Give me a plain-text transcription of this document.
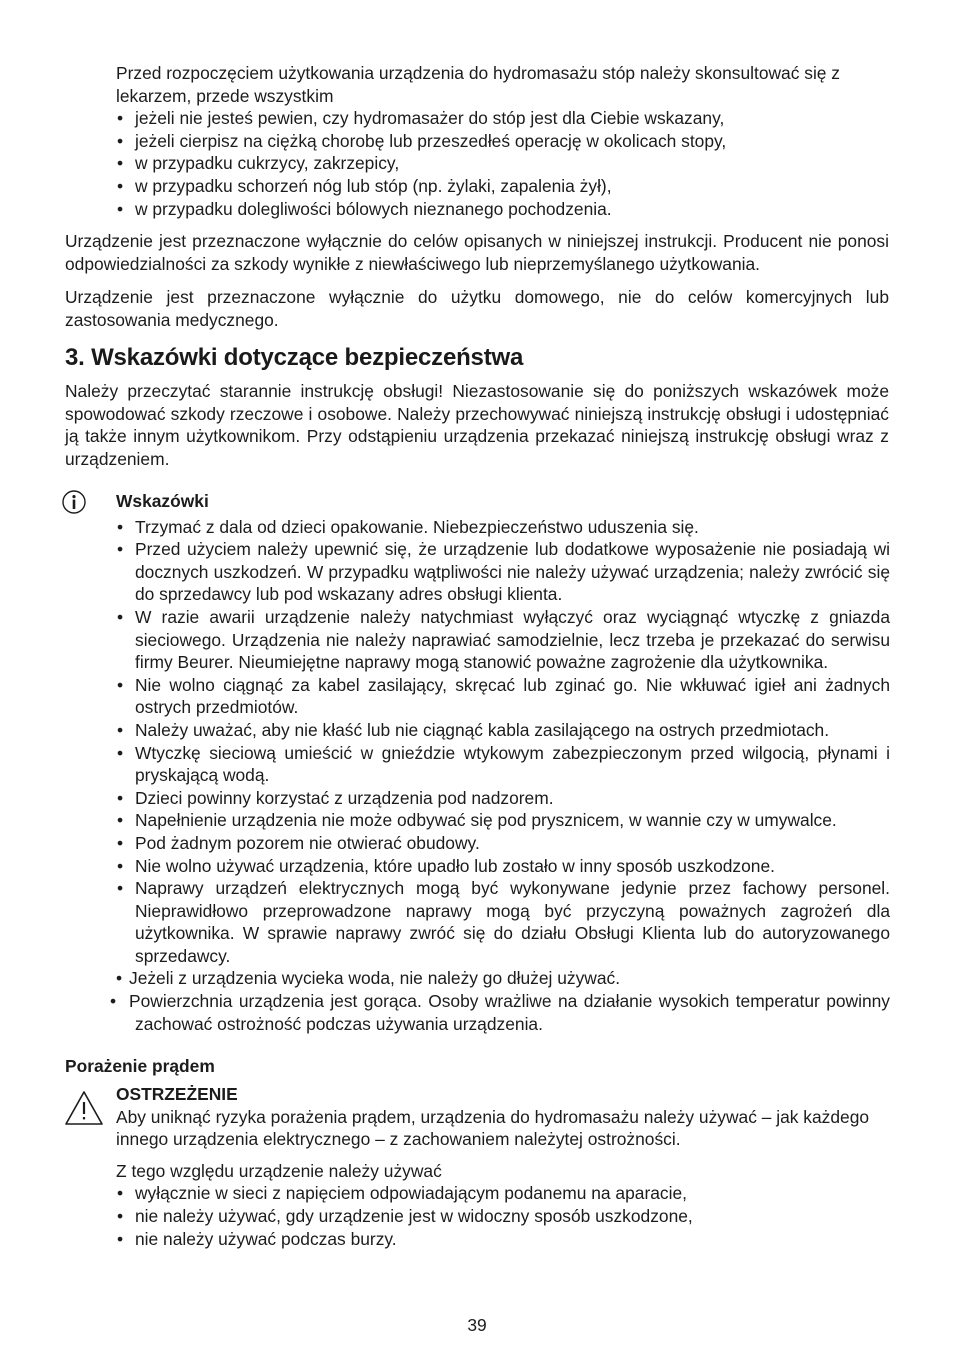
Przed rozpoczęciem użytkowania urządzenia do hydromasażu stóp należy skonsultować się z lekarzem, przede wszystkim

• jeżeli nie jesteś pewien, czy hydromasażer do stóp jest dla Ciebie wskazany,
• jeżeli cierpisz na ciężką chorobę lub przeszedłeś operację w okolicach stopy,
• w przypadku cukrzycy, zakrzepicy,
• w przypadku schorzeń nóg lub stóp (np. żylaki, zapalenia żył),
• w przypadku dolegliwości bólowych nieznanego pochodzenia.

Urządzenie jest przeznaczone wyłącznie do celów opisanych w niniejszej instrukcji. Producent nie ponosi odpowiedzialności za szkody wynikłe z niewłaściwego lub nieprzemyślanego użytkowania.

Urządzenie jest przeznaczone wyłącznie do użytku domowego, nie do celów komercyjnych lub zastosowania medycznego.

3. Wskazówki dotyczące bezpieczeństwa

Należy przeczytać starannie instrukcję obsługi! Niezastosowanie się do poniższych wskazówek może spowodować szkody rzeczowe i osobowe. Należy przechowywać niniejszą instrukcję obsługi i udostępniać ją także innym użytkownikom. Przy odstąpieniu urządzenia przekazać niniejszą instrukcję obsługi wraz z urządzeniem.

Wskazówki
• Trzymać z dala od dzieci opakowanie. Niebezpieczeństwo uduszenia się.
• Przed użyciem należy upewnić się, że urządzenie lub dodatkowe wyposażenie nie posiadają wi docznych uszkodzeń. W przypadku wątpliwości nie należy używać urządzenia; należy zwrócić się do sprzedawcy lub pod wskazany adres obsługi klienta.
• W razie awarii urządzenie należy natychmiast wyłączyć oraz wyciągnąć wtyczkę z gniazda sieciowego. Urządzenia nie należy naprawiać samodzielnie, lecz trzeba je przekazać do serwisu firmy Beurer. Nieumiejętne naprawy mogą stanowić poważne zagrożenie dla użytkownika.
• Nie wolno ciągnąć za kabel zasilający, skręcać lub zginać go. Nie wkłuwać igieł ani żadnych ostrych przedmiotów.
• Należy uważać, aby nie kłaść lub nie ciągnąć kabla zasilającego na ostrych przedmiotach.
• Wtyczkę sieciową umieścić w gnieździe wtykowym zabezpieczonym przed wilgocią, płynami i pryskającą wodą.
• Dzieci powinny korzystać z urządzenia pod nadzorem.
• Napełnienie urządzenia nie może odbywać się pod prysznicem, w wannie czy w umywalce.
• Pod żadnym pozorem nie otwierać obudowy.
• Nie wolno używać urządzenia, które upadło lub zostało w inny sposób uszkodzone.
• Naprawy urządzeń elektrycznych mogą być wykonywane jedynie przez fachowy personel. Nieprawidłowo przeprowadzone naprawy mogą być przyczyną poważnych zagrożeń dla użytkownika. W sprawie naprawy zwróć się do działu Obsługi Klienta lub do autoryzowanego sprzedawcy.
• Jeżeli z urządzenia wycieka woda, nie należy go dłużej używać.
• Powierzchnia urządzenia jest gorąca. Osoby wrażliwe na działanie wysokich temperatur powinny zachować ostrożność podczas używania urządzenia.
Porażenie prądem
OSTRZEŻENIE

Aby uniknąć ryzyka porażenia prądem, urządzenia do hydromasażu należy używać – jak każdego innego urządzenia elektrycznego – z zachowaniem należytej ostrożności.

Z tego względu urządzenie należy używać

• wyłącznie w sieci z napięciem odpowiadającym podanemu na aparacie,
• nie należy używać, gdy urządzenie jest w widoczny sposób uszkodzone,
• nie należy używać podczas burzy.
39
